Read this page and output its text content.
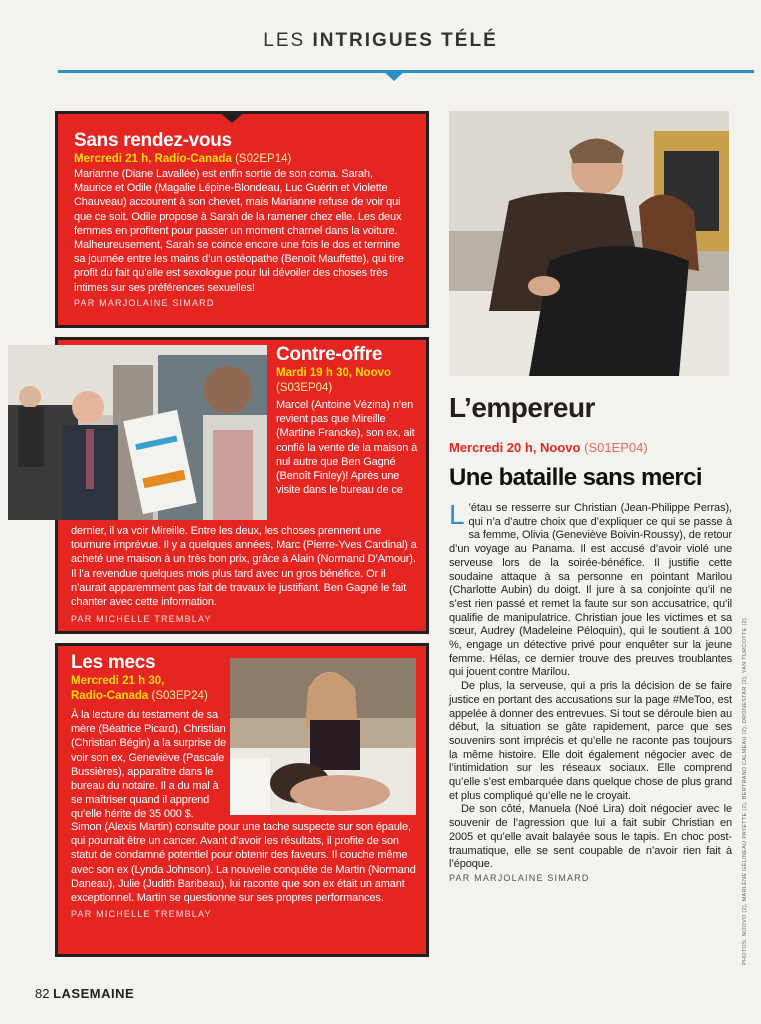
LES INTRIGUES TÉLÉ
Sans rendez-vous
Mercredi 21 h, Radio-Canada (S02EP14)

Marianne (Diane Lavallée) est enfin sortie de son coma. Sarah, Maurice et Odile (Magalie Lépine-Blondeau, Luc Guérin et Violette Chauveau) accourent à son chevet, mais Marianne refuse de voir qui que ce soit. Odile propose à Sarah de la ramener chez elle. Les deux femmes en profitent pour passer un moment charnel dans la voiture. Malheureusement, Sarah se coince encore une fois le dos et termine sa journée entre les mains d’un ostéopathe (Benoît Mauffette), qui tire profit du fait qu’elle est sexologue pour lui dévoiler des choses très intimes sur ses préférences sexuelles!

PAR MARJOLAINE SIMARD
Contre-offre
Mardi 19 h 30, Noovo
(S03EP04)

Marcel (Antoine Vézina) n’en revient pas que Mireille (Martine Francke), son ex, ait confié la vente de la maison à nul autre que Ben Gagné (Benoît Finley)! Après une visite dans le bureau de ce

dernier, il va voir Mireille. Entre les deux, les choses prennent une tournure imprévue. Il y a quelques années, Marc (Pierre-Yves Cardinal) a acheté une maison à un très bon prix, grâce à Alain (Normand D’Amour). Il l’a revendue quelques mois plus tard avec un gros bénéfice. Or il n’aurait apparemment pas fait de travaux le justifiant. Ben Gagné le fait chanter avec cette information.

PAR MICHELLE TREMBLAY
Les mecs
Mercredi 21 h 30,
Radio-Canada (S03EP24)

À la lecture du testament de sa mère (Béatrice Picard), Christian (Christian Bégin) a la surprise de voir son ex, Geneviève (Pascale Bussières), apparaître dans le bureau du notaire. Il a du mal à se maîtriser quand il apprend qu’elle hérite de 35 000 $.

Simon (Alexis Martin) consulte pour une tache suspecte sur son épaule, qui pourrait être un cancer. Avant d’avoir les résultats, il profite de son statut de condamné potentiel pour obtenir des faveurs. Il couche même avec son ex (Lynda Johnson). La nouvelle conquête de Martin (Normand Daneau), Julie (Judith Baribeau), lui raconte que son ex était un amant exceptionnel. Martin se questionne sur ses propres performances.

PAR MICHELLE TREMBLAY
L’empereur
Mercredi 20 h, Noovo (S01EP04)
Une bataille sans merci

L ’étau se resserre sur Christian (Jean-Philippe Perras), qui n’a d’autre choix que d’expliquer ce qui se passe à sa femme, Olivia (Geneviève Boivin-Roussy), de retour d’un voyage au Panama. Il est accusé d’avoir violé une serveuse lors de la soirée-bénéfice. Il justifie cette soudaine attaque à sa personne en pointant Marilou (Charlotte Aubin) du doigt. Il jure à sa conjointe qu’il ne s’est rien passé et remet la faute sur son accusatrice, qu’il qualifie de manipulatrice. Christian joue les victimes et sa sœur, Audrey (Madeleine Péloquin), qui le soutient à 100 %, engage un détective privé pour enquêter sur la jeune femme. Hélas, ce dernier trouve des preuves troublantes qui jouent contre Marilou.

De plus, la serveuse, qui a pris la décision de se faire justice en portant des accusations sur la page #MeToo, est appelée à donner des entrevues. Si tout se déroule bien au début, la situation se gâte rapidement, parce que ses souvenirs sont imprécis et qu’elle ne raconte pas toujours la même histoire. Elle doit également négocier avec de l’intimidation sur les réseaux sociaux. Elle comprend qu’elle s’est embarquée dans quelque chose de plus grand et plus compliqué qu’elle ne le croyait.

De son côté, Manuela (Noé Lira) doit négocier avec le souvenir de l’agression que lui a fait subir Christian en 2005 et qu’elle avait balayée sous le tapis. En choc post-traumatique, elle se sent coupable de n’avoir rien fait à l’époque.

PAR MARJOLAINE SIMARD	PHOTOS: NOOVO (2), MARLÈNE GÉLINEAU PAYETTE (2), BERTRAND CALMEAU (2), DRONESTAR (2), YAN TURCOTTE (2)
82 LASEMAINE
